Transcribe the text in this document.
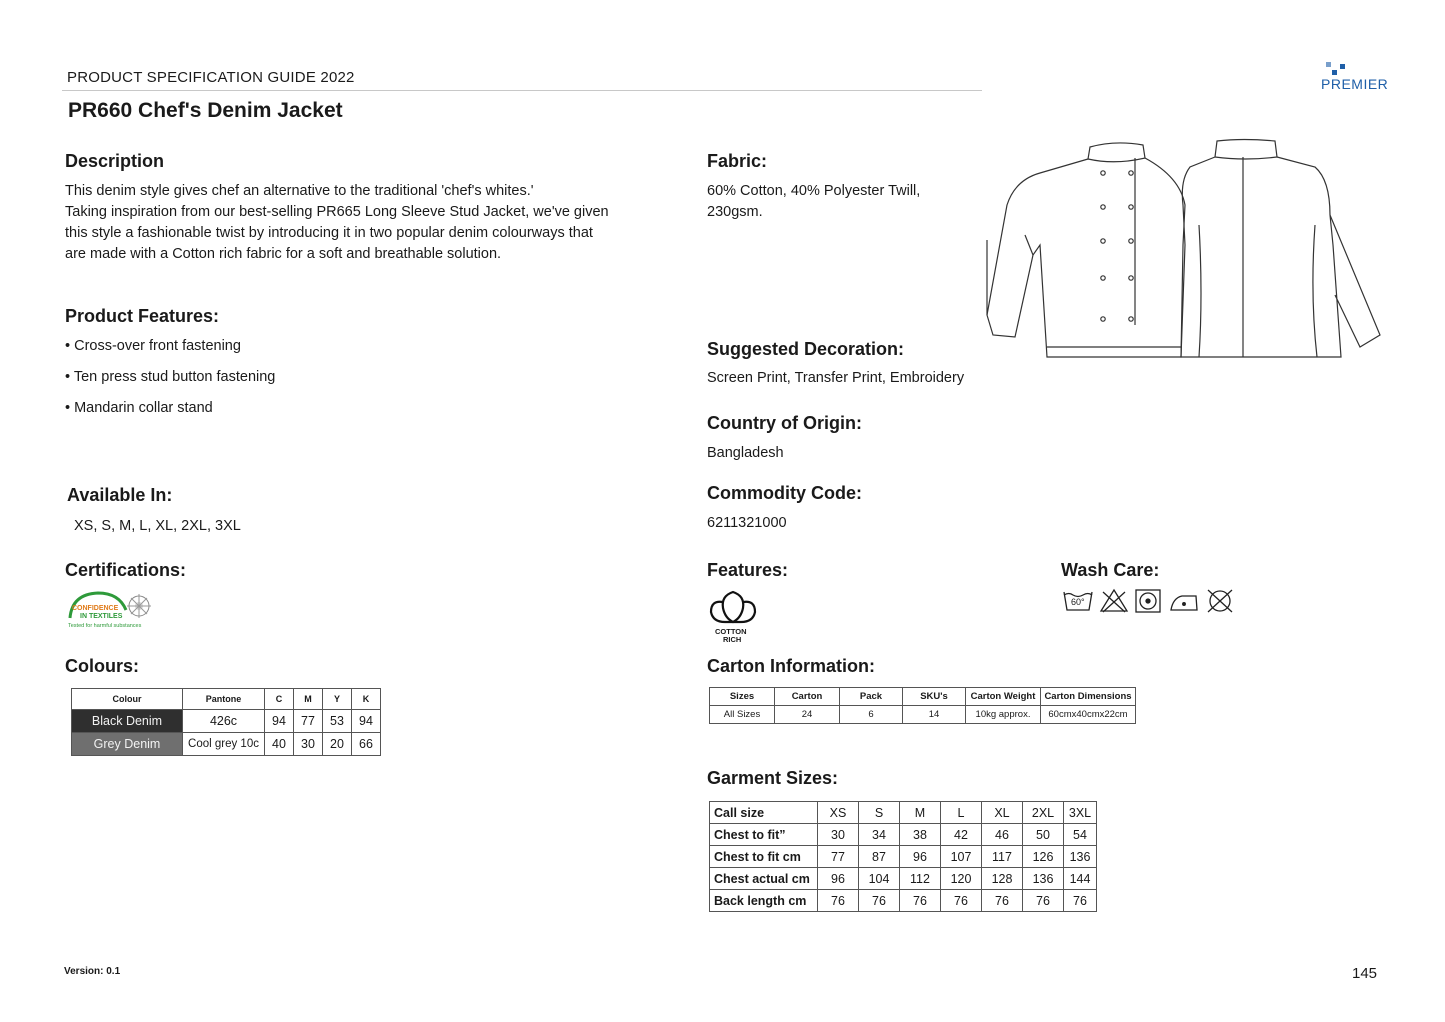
PRODUCT SPECIFICATION GUIDE 2022
PR660 Chef's Denim Jacket
PREMIER
Description
This denim style gives chef an alternative to the traditional 'chef's whites.'
Taking inspiration from our best-selling PR665 Long Sleeve Stud Jacket, we've given
this style a fashionable twist by introducing it in two popular denim colourways that
are made with a Cotton rich fabric for a soft and breathable solution.
Product Features:
• Cross-over front fastening
• Ten press stud button fastening
• Mandarin collar stand
Available In:
XS, S, M, L, XL, 2XL, 3XL
Certifications:
CONFIDENCE
IN TEXTILES
Tested for harmful substances
Colours:
Colour	Pantone	C	M	Y	K
Black Denim	426c	94	77	53	94
Grey Denim	Cool grey 10c	40	30	20	66
Fabric:
60% Cotton, 40% Polyester Twill,
230gsm.
Suggested Decoration:
Screen Print, Transfer Print, Embroidery
Country of Origin:
Bangladesh
Commodity Code:
6211321000
Features:
COTTON
RICH
Wash Care:
60°
Carton Information:
Sizes	Carton	Pack	SKU's	Carton Weight	Carton Dimensions
All Sizes	24	6	14	10kg approx.	60cmx40cmx22cm
Garment Sizes:
Call size	XS	S	M	L	XL	2XL	3XL
Chest to fit”	30	34	38	42	46	50	54
Chest to fit cm	77	87	96	107	117	126	136
Chest actual cm	96	104	112	120	128	136	144
Back length cm	76	76	76	76	76	76	76
Version: 0.1	145
